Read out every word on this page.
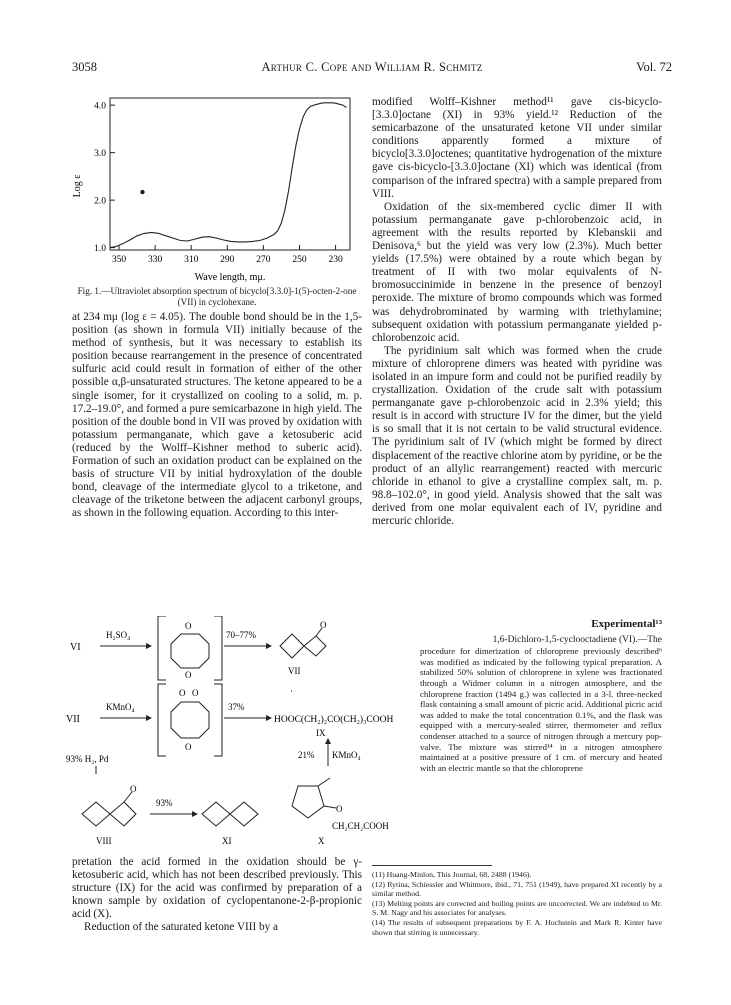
3058	Arthur C. Cope and William R. Schmitz	Vol. 72
1.0
2.0
3.0
4.0
350 330 310 290 270 250 230
Log ε
Wave length, mμ.
Fig. 1.—Ultraviolet absorption spectrum of bicyclo[3.3.0]-1(5)-octen-2-one (VII) in cyclohexane.

at 234 mμ (log ε = 4.05). The double bond should be in the 1,5-position (as shown in formula VII) initially because of the method of synthesis, but it was necessary to establish its position because rearrangement in the presence of concentrated sulfuric acid could result in formation of either of the other possible α,β-unsaturated structures. The ketone appeared to be a single isomer, for it crystallized on cooling to a solid, m. p. 17.2–19.0°, and formed a pure semicarbazone in high yield. The position of the double bond in VII was proved by oxidation with potassium permanganate, which gave a ketosuberic acid (reduced by the Wolff–Kishner method to suberic acid). Formation of such an oxidation product can be explained on the basis of structure VII by initial hydroxylation of the double bond, cleavage of the intermediate glycol to a triketone, and cleavage of the triketone between the adjacent carbonyl groups, as shown in the following equation. According to this inter-

VI
H₂SO₄
O
O
70–77%
O
VII
·
VII
KMnO₄
O O
O
37%
HOOC(CH₂)₂CO(CH₂)₃COOH
IX
21% KMnO₄
93% H₂, Pd
O
VIII
93%
XI
O
CH₂CH₂COOH
X

pretation the acid formed in the oxidation should be γ-ketosuberic acid, which has not been described previously. This structure (IX) for the acid was confirmed by preparation of a known sample by oxidation of cyclopentanone-2-β-propionic acid (X).

Reduction of the saturated ketone VIII by a

modified Wolff–Kishner method¹¹ gave cis-bicyclo-[3.3.0]octane (XI) in 93% yield.¹² Reduction of the semicarbazone of the unsaturated ketone VII under similar conditions apparently formed a mixture of bicyclo[3.3.0]octenes; quantitative hydrogenation of the mixture gave cis-bicyclo-[3.3.0]octane (XI) which was identical (from comparison of the infrared spectra) with a sample prepared from VIII.

Oxidation of the six-membered cyclic dimer II with potassium permanganate gave p-chlorobenzoic acid, in agreement with the results reported by Klebanskii and Denisova,⁶ but the yield was very low (2.3%). Much better yields (17.5%) were obtained by a route which began by treatment of II with two molar equivalents of N-bromosuccinimide in benzene in the presence of benzoyl peroxide. The mixture of bromo compounds which was formed was dehydrobrominated by warming with triethylamine; subsequent oxidation with potassium permanganate yielded p-chlorobenzoic acid.

The pyridinium salt which was formed when the crude mixture of chloroprene dimers was heated with pyridine was isolated in an impure form and could not be purified readily by crystallization. Oxidation of the crude salt with potassium permanganate gave p-chlorobenzoic acid in 2.3% yield; this result is in accord with structure IV for the dimer, but the yield is so small that it is not certain to be valid structural evidence. The pyridinium salt of IV (which might be formed by direct displacement of the reactive chlorine atom by pyridine, or be the product of an allylic rearrangement) reacted with mercuric chloride in ethanol to give a crystalline complex salt, m. p. 98.8–102.0°, in good yield. Analysis showed that the salt was derived from one molar equivalent each of IV, pyridine and mercuric chloride.

Experimental¹³
1,6-Dichloro-1,5-cyclooctadiene (VI).—The

procedure for dimerization of chloroprene previously described⁶ was modified as indicated by the following typical preparation. A stabilized 50% solution of chloroprene in xylene was fractionated through a Widmer column in a nitrogen atmosphere, and the chloroprene fraction (1494 g.) was collected in a 3-l. three-necked flask containing a small amount of picric acid. Additional picric acid was added to make the total concentration 0.1%, and the flask was equipped with a mercury-sealed stirrer, thermometer and reflux condenser attached to a source of nitrogen through a mercury pop-valve. The mixture was stirred¹⁴ in a nitrogen atmosphere maintained at a positive pressure of 1 cm. of mercury and heated with an electric mantle so that the chloroprene

(11) Huang-Minlon, This Journal, 68, 2488 (1946).

(12) Rytina, Schiessler and Whitmore, ibid., 71, 751 (1949), have prepared XI recently by a similar method.

(13) Melting points are corrected and boiling points are uncorrected. We are indebted to Mr. S. M. Nagy and his associates for analyses.

(14) The results of subsequent preparations by F. A. Hochstein and Mark R. Kinter have shown that stirring is unnecessary.
